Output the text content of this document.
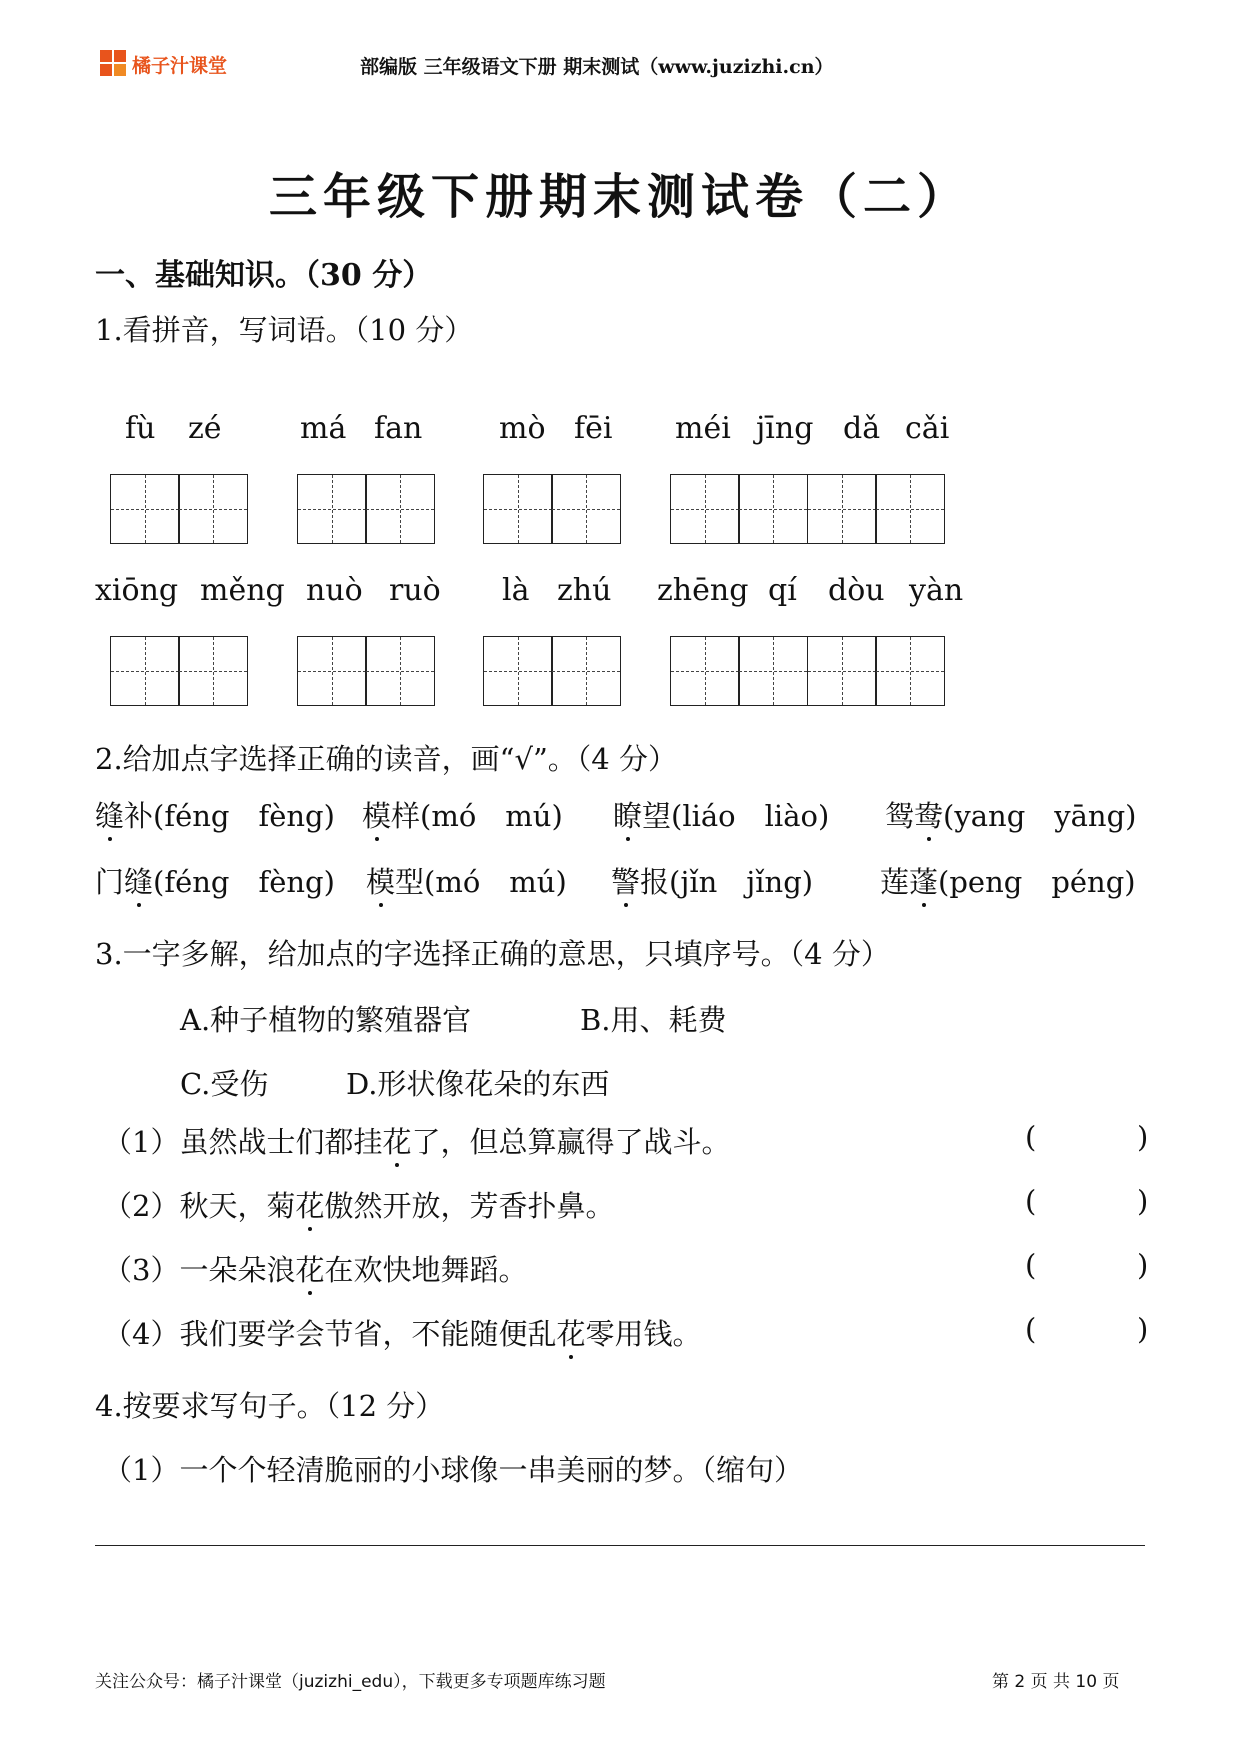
橘子汁课堂	部编版 三年级语文下册 期末测试（www.juzizhi.cn）
三年级下册期末测试卷（二）
一、基础知识。（30 分）
1.看拼音，写词语。（10 分）
fù zé	má fan	mò fēi méi jīng dǎ cǎi
xiōng měng nuò ruò là zhú zhēng qí dòu yàn
2.给加点字选择正确的读音，画“√”。（4 分）
缝补(féng　fèng) 模样(mó　mú) 瞭望(liáo　liào) 鸳鸯(yang　yāng)
门缝(féng　fèng) 模型(mó　mú) 警报(jǐn　jǐng) 莲蓬(peng　péng)
3.一字多解，给加点的字选择正确的意思，只填序号。（4 分）
A.种子植物的繁殖器官	B.用、耗费
C.受伤	D.形状像花朵的东西
（1）虽然战士们都挂花了，但总算赢得了战斗。	(	)
（2）秋天，菊花傲然开放，芳香扑鼻。	(	)
（3）一朵朵浪花在欢快地舞蹈。	(	)
（4）我们要学会节省，不能随便乱花零用钱。	(	)
4.按要求写句子。（12 分）
（1）一个个轻清脆丽的小球像一串美丽的梦。（缩句）
关注公众号：橘子汁课堂（juzizhi_edu），下载更多专项题库练习题	第 2 页 共 10 页
